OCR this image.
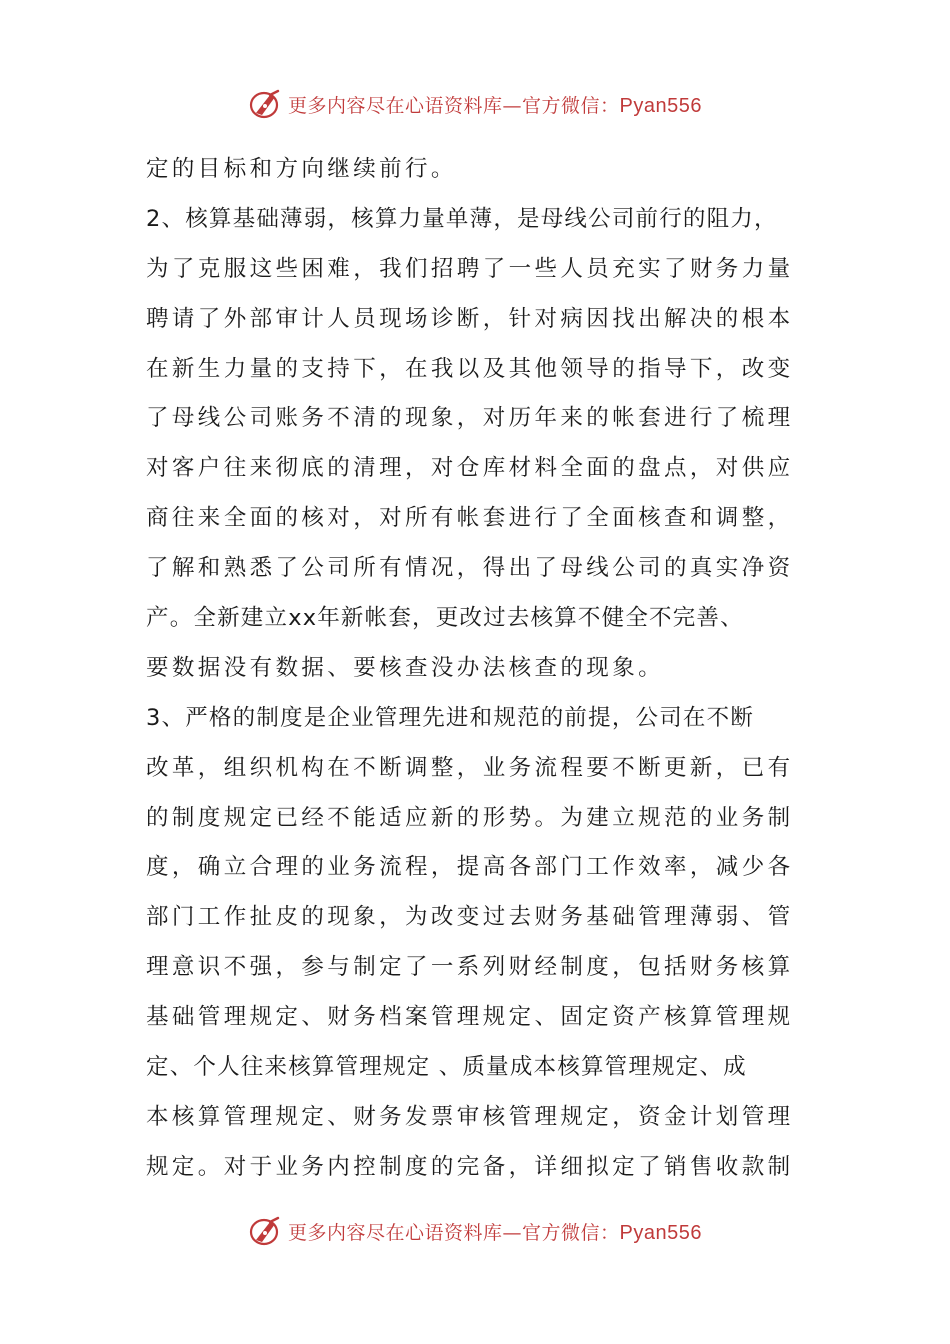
更多内容尽在心语资料库—官方微信：Pyan556
定的目标和方向继续前行。
2、核算基础薄弱，核算力量单薄，是母线公司前行的阻力，
为了克服这些困难，我们招聘了一些人员充实了财务力量
聘请了外部审计人员现场诊断，针对病因找出解决的根本
在新生力量的支持下，在我以及其他领导的指导下，改变
了母线公司账务不清的现象，对历年来的帐套进行了梳理
对客户往来彻底的清理，对仓库材料全面的盘点，对供应
商往来全面的核对，对所有帐套进行了全面核查和调整，
了解和熟悉了公司所有情况，得出了母线公司的真实净资
产。全新建立xx年新帐套，更改过去核算不健全不完善、
要数据没有数据、要核查没办法核查的现象。
3、严格的制度是企业管理先进和规范的前提，公司在不断
改革，组织机构在不断调整，业务流程要不断更新，已有
的制度规定已经不能适应新的形势。为建立规范的业务制
度，确立合理的业务流程，提高各部门工作效率，减少各
部门工作扯皮的现象，为改变过去财务基础管理薄弱、管
理意识不强，参与制定了一系列财经制度，包括财务核算
基础管理规定、财务档案管理规定、固定资产核算管理规
定、个人往来核算管理规定 、质量成本核算管理规定、成
本核算管理规定、财务发票审核管理规定，资金计划管理
规定。对于业务内控制度的完备，详细拟定了销售收款制
更多内容尽在心语资料库—官方微信：Pyan556
